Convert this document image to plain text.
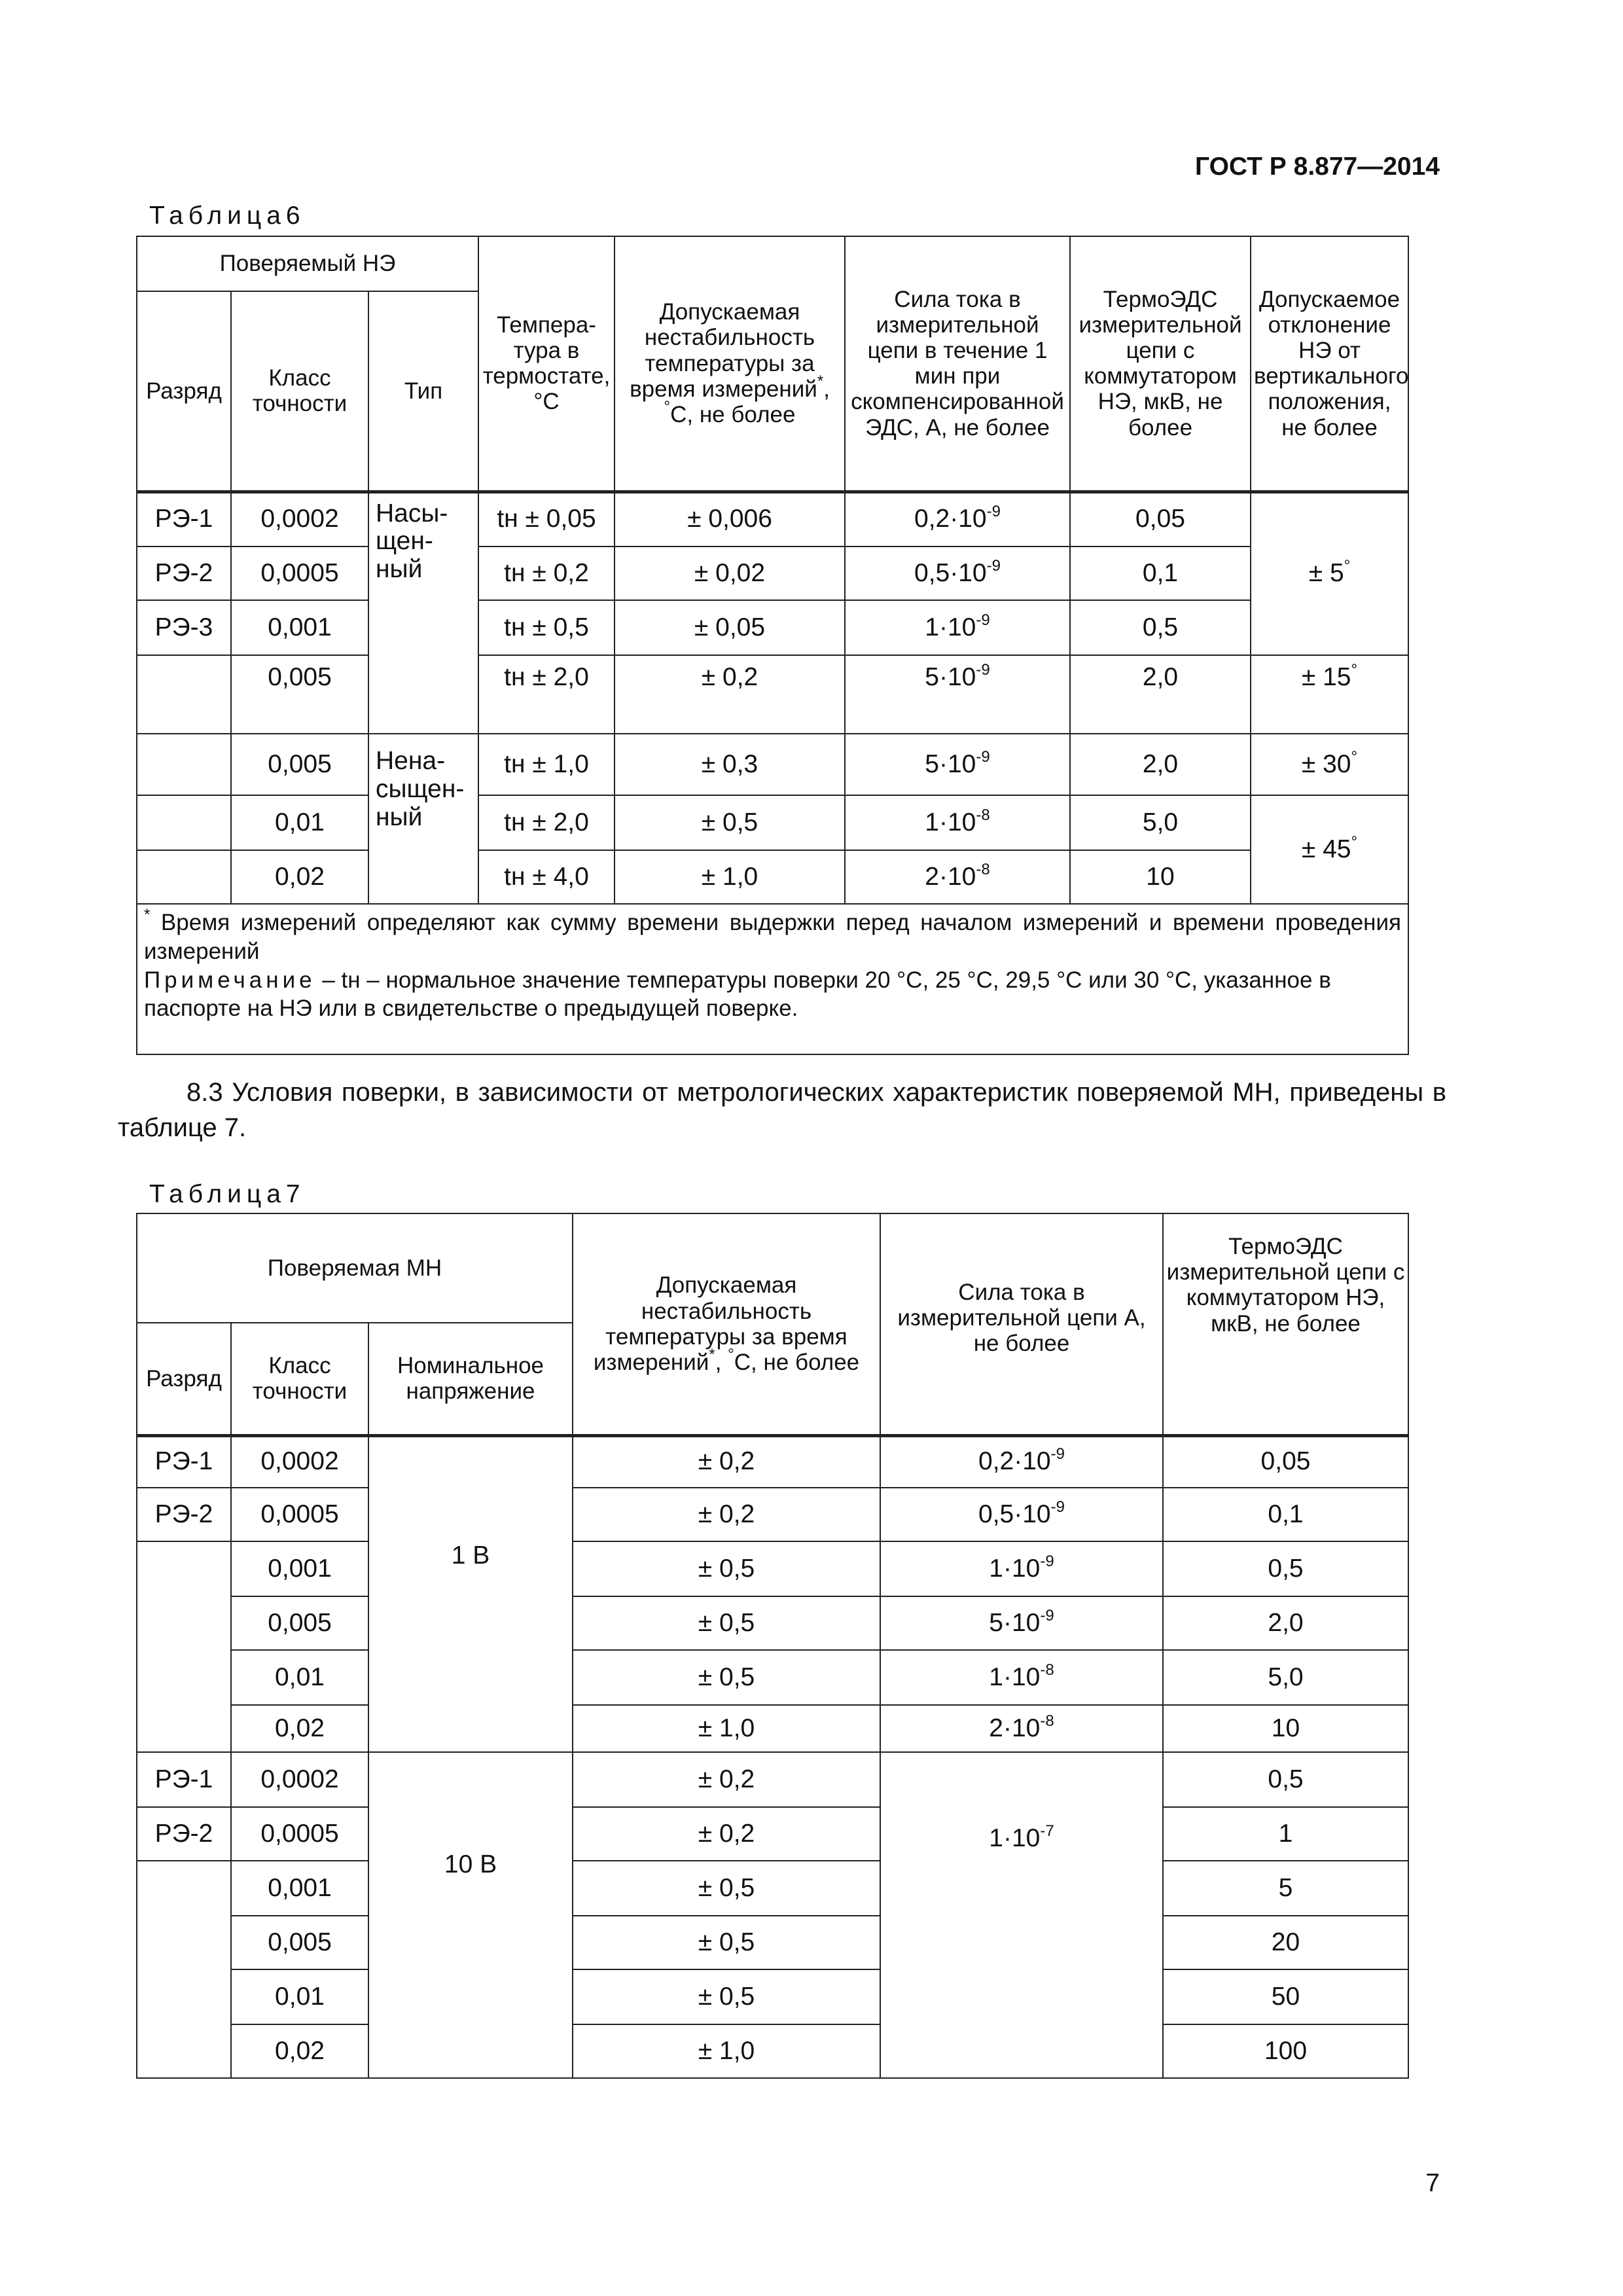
ГОСТ Р 8.877—2014
Таблица6
Поверяемый НЭ			Темпера-тура в термостате, °С	Допускаемая нестабильность температуры за время измерений*, °С, не более	Сила тока в измерительной цепи в течение 1 мин при скомпенсированной ЭДС, А, не более	ТермоЭДС измерительной цепи с коммутатором НЭ, мкВ, не более	Допускаемое отклонение НЭ от вертикального положения, не более
Разряд	Класс точности	Тип					
РЭ-1	0,0002	Насы-щен-ный	tн ± 0,05	± 0,006	$0,2\cdot 10^{-9}$	0,05	± 5°
РЭ-2	0,0005		tн ± 0,2	± 0,02	$0,5\cdot 10^{-9}$	0,1	
РЭ-3	0,001		tн ± 0,5	± 0,05	$1\cdot 10^{-9}$	0,5	
	0,005		tн ± 2,0	± 0,2	$5\cdot 10^{-9}$	2,0	± 15°
	0,005	Нена-сыщен-ный	tн ± 1,0	± 0,3	$5\cdot 10^{-9}$	2,0	± 30°
	0,01		tн ± 2,0	± 0,5	$1\cdot 10^{-8}$	5,0	± 45°
	0,02		tн ± 4,0	± 1,0	$2\cdot 10^{-8}$	10	

* Время измерений определяют как сумму времени выдержки перед началом измерений и времени проведения измерений
Примечание – tн – нормальное значение температуры поверки 20 °С, 25 °С, 29,5 °С или 30 °С, указанное в паспорте на НЭ или в свидетельстве о предыдущей поверке.							
8.3 Условия поверки, в зависимости от метрологических характеристик поверяемой МН, приведены в таблице 7.
Таблица7
Поверяемая МН			Допускаемая нестабильность температуры за время измерений*, °С, не более	Сила тока в измерительной цепи А, не более	ТермоЭДС измерительной цепи с коммутатором НЭ, мкВ, не более
Разряд	Класс точности	Номинальное напряжение			
РЭ-1	0,0002	1 В	± 0,2	$0,2\cdot 10^{-9}$	0,05
РЭ-2	0,0005		± 0,2	$0,5\cdot 10^{-9}$	0,1
	0,001		± 0,5	$1\cdot 10^{-9}$	0,5
	0,005		± 0,5	$5\cdot 10^{-9}$	2,0
	0,01		± 0,5	$1\cdot 10^{-8}$	5,0
	0,02		± 1,0	$2\cdot 10^{-8}$	10
РЭ-1	0,0002	10 В	± 0,2	$1\cdot 10^{-7}$	0,5
РЭ-2	0,0005		± 0,2		1
	0,001		± 0,5		5
	0,005		± 0,5		20
	0,01		± 0,5		50
	0,02		± 1,0		100
7
